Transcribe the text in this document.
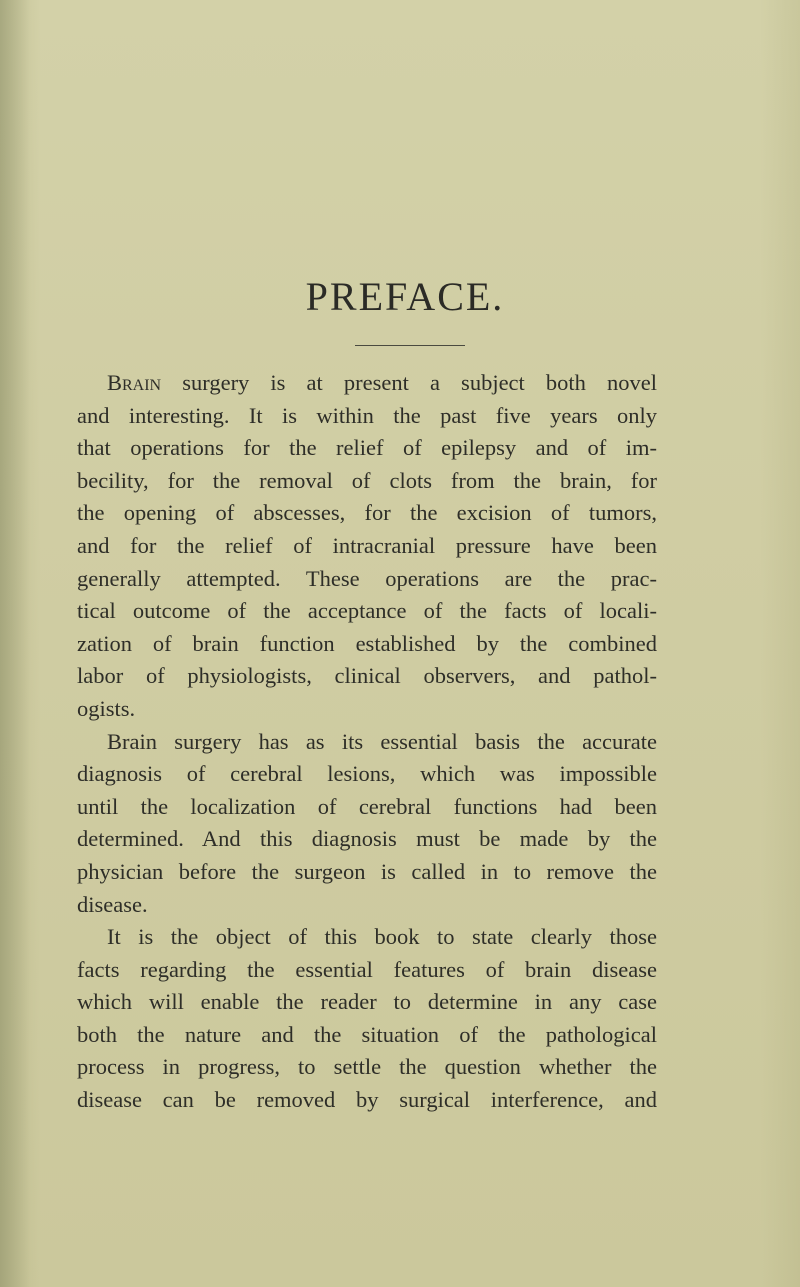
PREFACE.
Brain surgery is at present a subject both novel
and interesting. It is within the past five years only
that operations for the relief of epilepsy and of im-
becility, for the removal of clots from the brain, for
the opening of abscesses, for the excision of tumors,
and for the relief of intracranial pressure have been
generally attempted. These operations are the prac-
tical outcome of the acceptance of the facts of locali-
zation of brain function established by the combined
labor of physiologists, clinical observers, and pathol-
ogists.
Brain surgery has as its essential basis the accurate
diagnosis of cerebral lesions, which was impossible
until the localization of cerebral functions had been
determined. And this diagnosis must be made by the
physician before the surgeon is called in to remove the
disease.
It is the object of this book to state clearly those
facts regarding the essential features of brain disease
which will enable the reader to determine in any case
both the nature and the situation of the pathological
process in progress, to settle the question whether the
disease can be removed by surgical interference, and
